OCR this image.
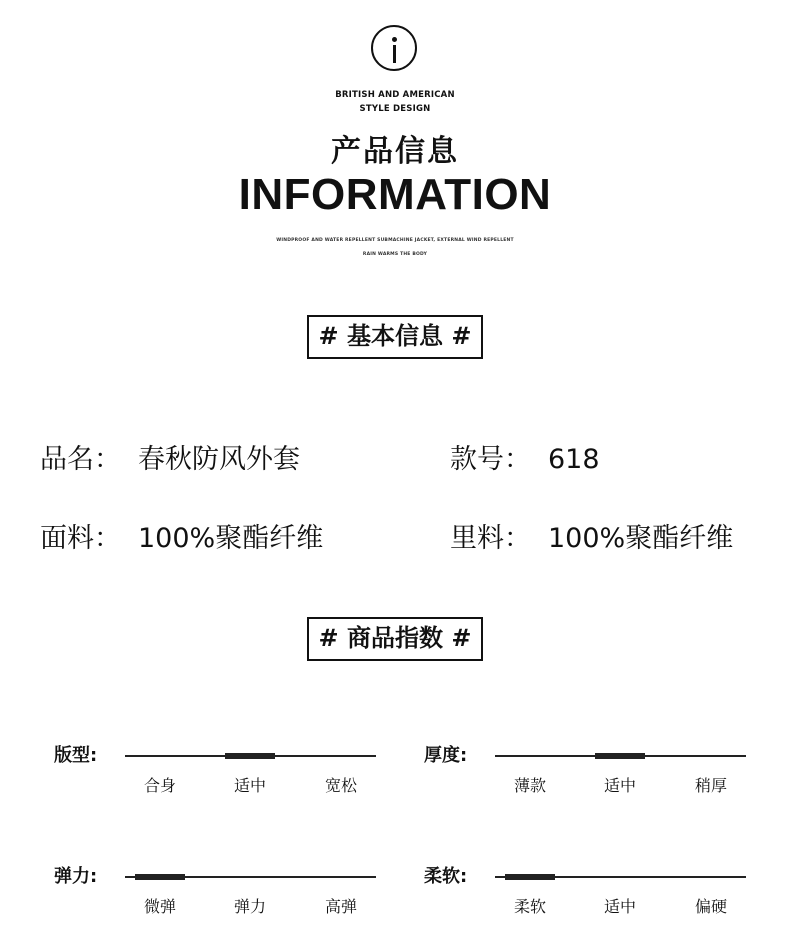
BRITISH AND AMERICAN
STYLE DESIGN
产品信息
INFORMATION
WINDPROOF AND WATER REPELLENT SUBMACHINE JACKET, EXTERNAL WIND REPELLENT
RAIN WARMS THE BODY
# 基本信息 #
品名： 春秋防风外套	款号： 618
面料： 100%聚酯纤维	里料： 100%聚酯纤维
# 商品指数 #
版型:
合身	适中	宽松
厚度:
薄款	适中	稍厚
弹力:
微弹	弹力	高弹
柔软:
柔软	适中	偏硬
